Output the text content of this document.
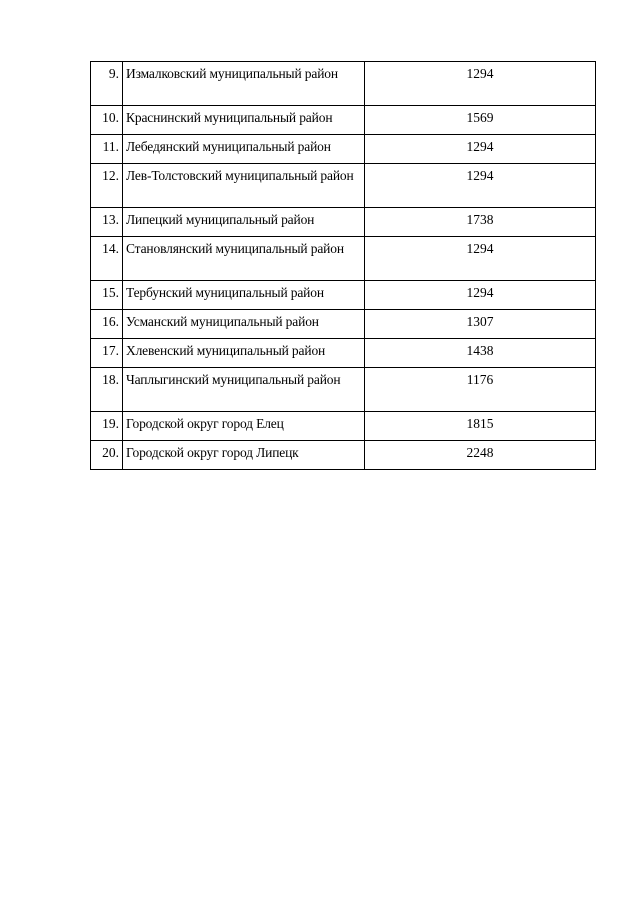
9.	Измалковский муниципальный район	1294
10.	Краснинский муниципальный район	1569
11.	Лебедянский муниципальный район	1294
12.	Лев-Толстовский муниципальный район	1294
13.	Липецкий муниципальный район	1738
14.	Становлянский муниципальный район	1294
15.	Тербунский муниципальный район	1294
16.	Усманский муниципальный район	1307
17.	Хлевенский муниципальный район	1438
18.	Чаплыгинский муниципальный район	1176
19.	Городской округ город Елец	1815
20.	Городской округ город Липецк	2248
